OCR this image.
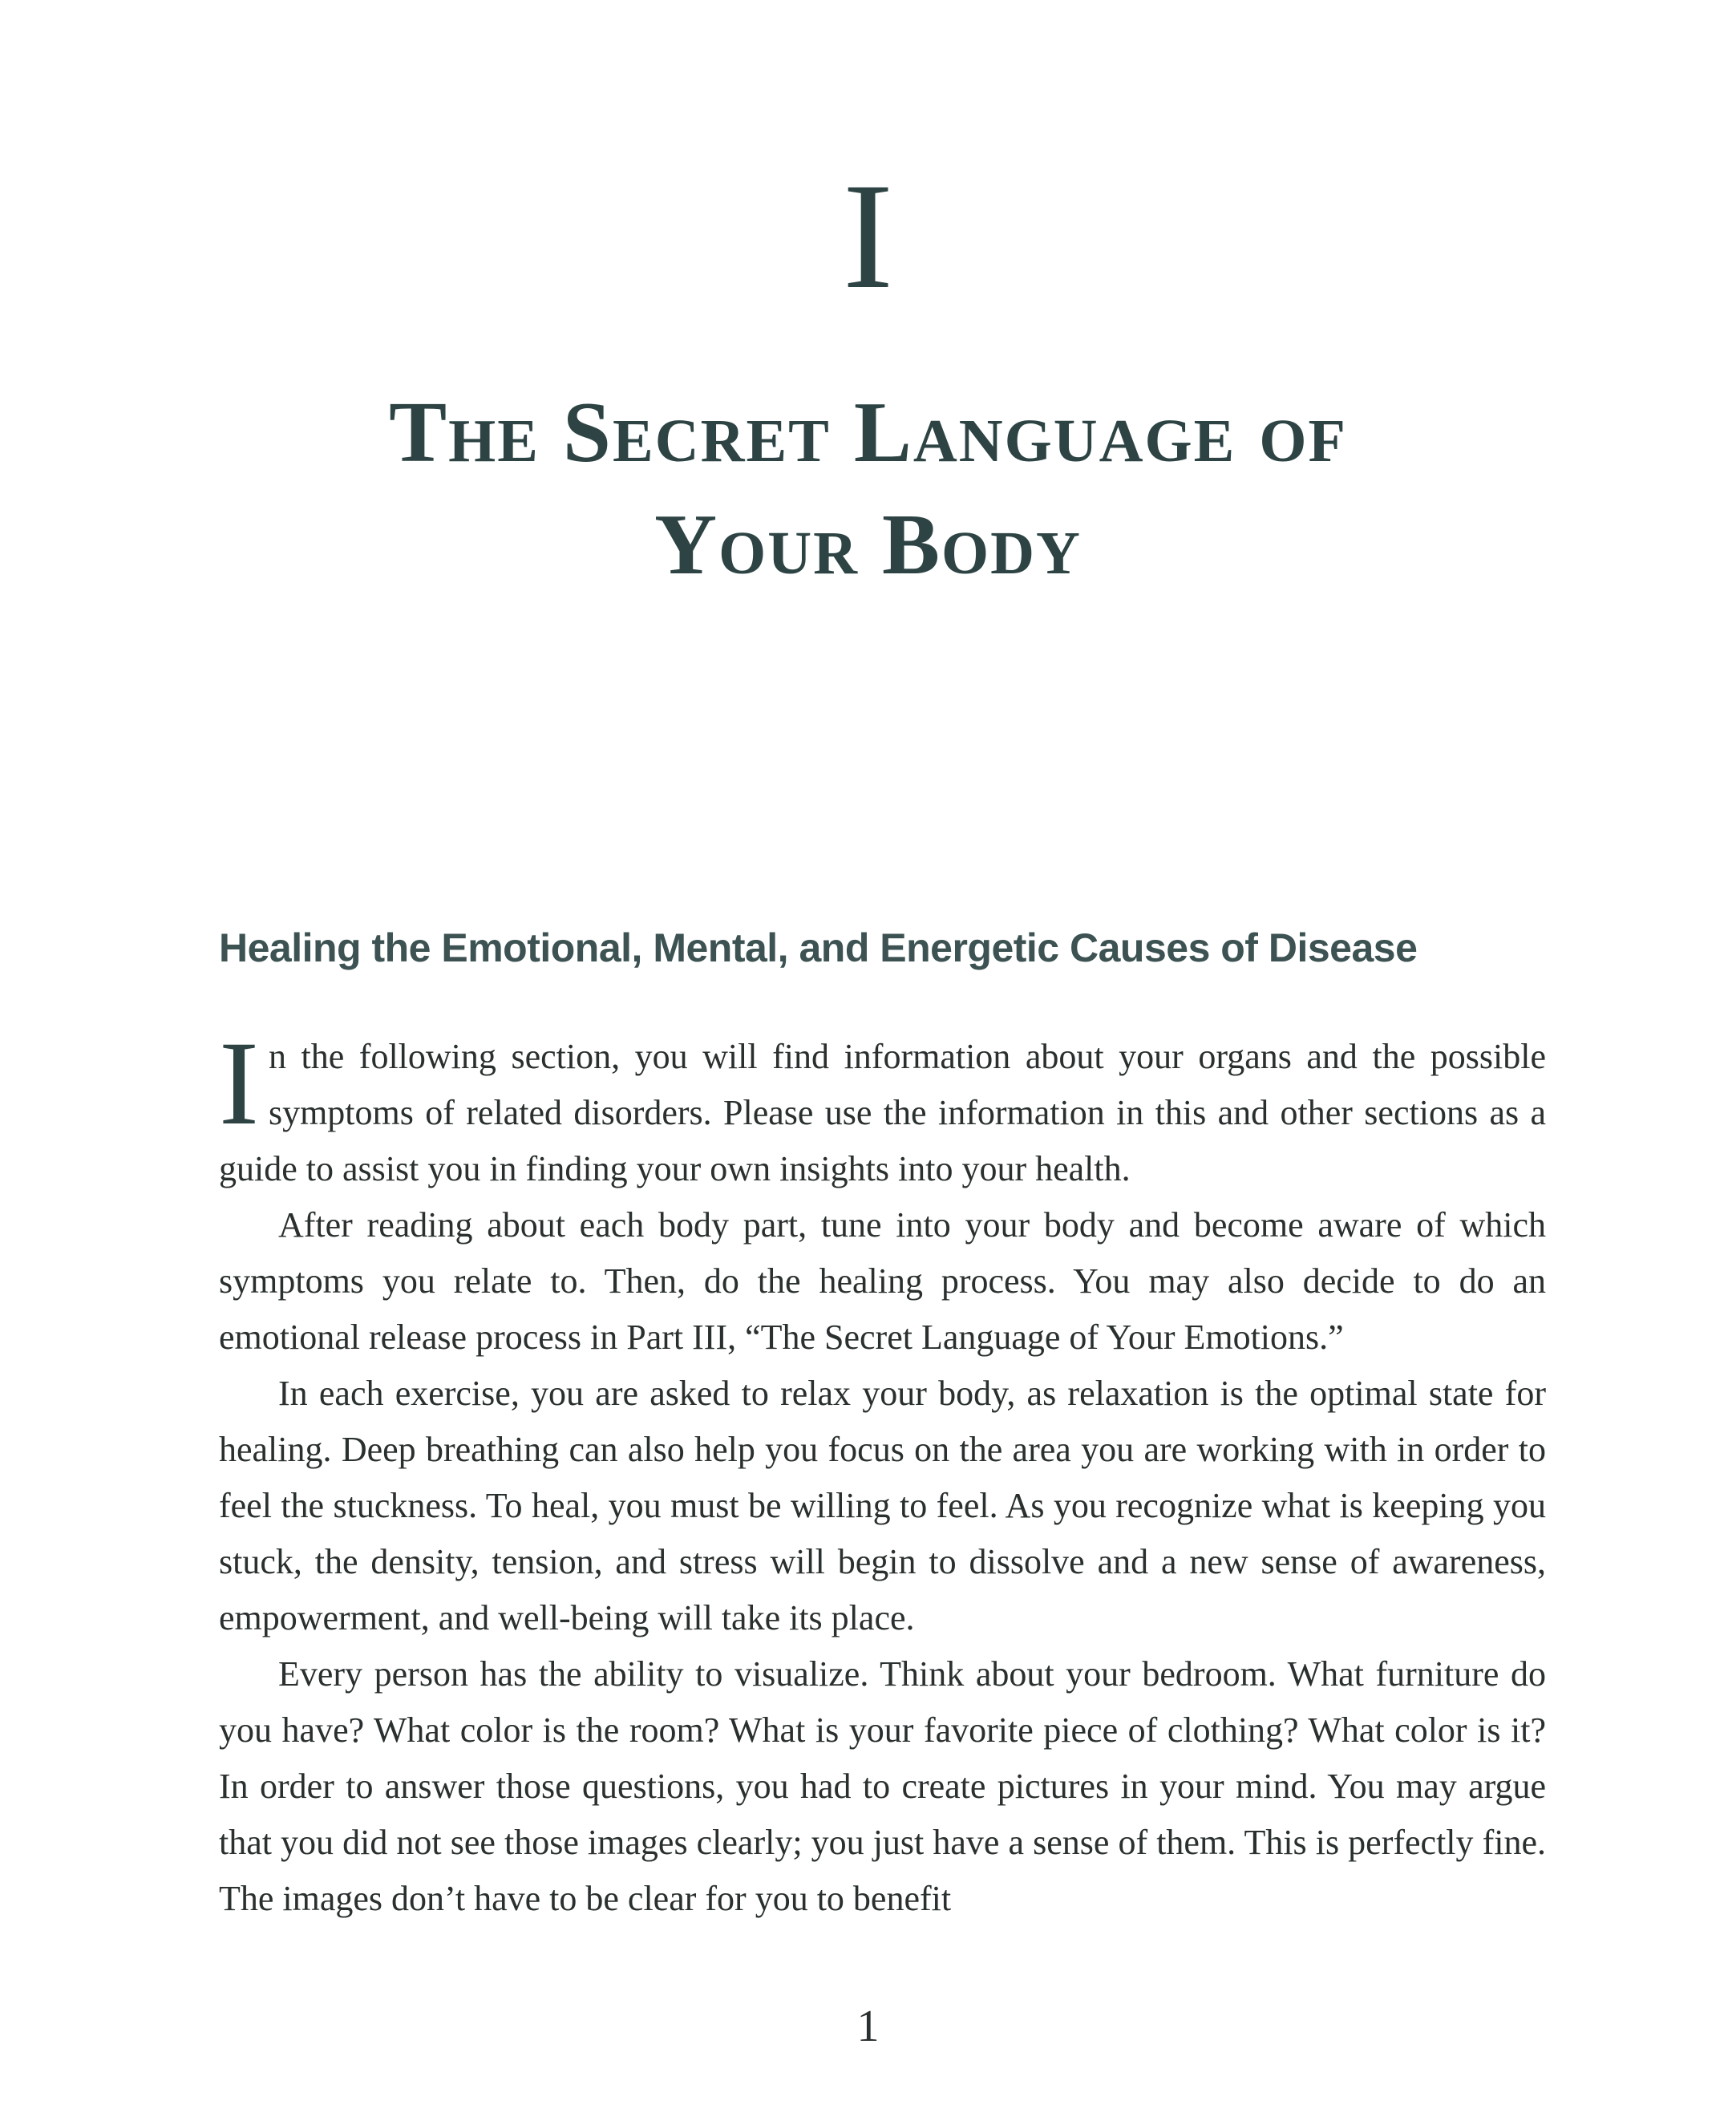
I
The Secret Language of
Your Body
Healing the Emotional, Mental, and Energetic Causes of Disease

In the following section, you will find information about your organs and the possible symptoms of related disorders. Please use the information in this and other sections as a guide to assist you in finding your own insights into your health.

After reading about each body part, tune into your body and become aware of which symptoms you relate to. Then, do the healing process. You may also decide to do an emotional release process in Part III, “The Secret Language of Your Emotions.”

In each exercise, you are asked to relax your body, as relaxation is the optimal state for healing. Deep breathing can also help you focus on the area you are working with in order to feel the stuckness. To heal, you must be willing to feel. As you recognize what is keeping you stuck, the density, tension, and stress will begin to dissolve and a new sense of awareness, empowerment, and well-being will take its place.

Every person has the ability to visualize. Think about your bedroom. What furniture do you have? What color is the room? What is your favorite piece of clothing? What color is it? In order to answer those questions, you had to create pictures in your mind. You may argue that you did not see those images clearly; you just have a sense of them. This is perfectly fine. The images don’t have to be clear for you to benefit

1
